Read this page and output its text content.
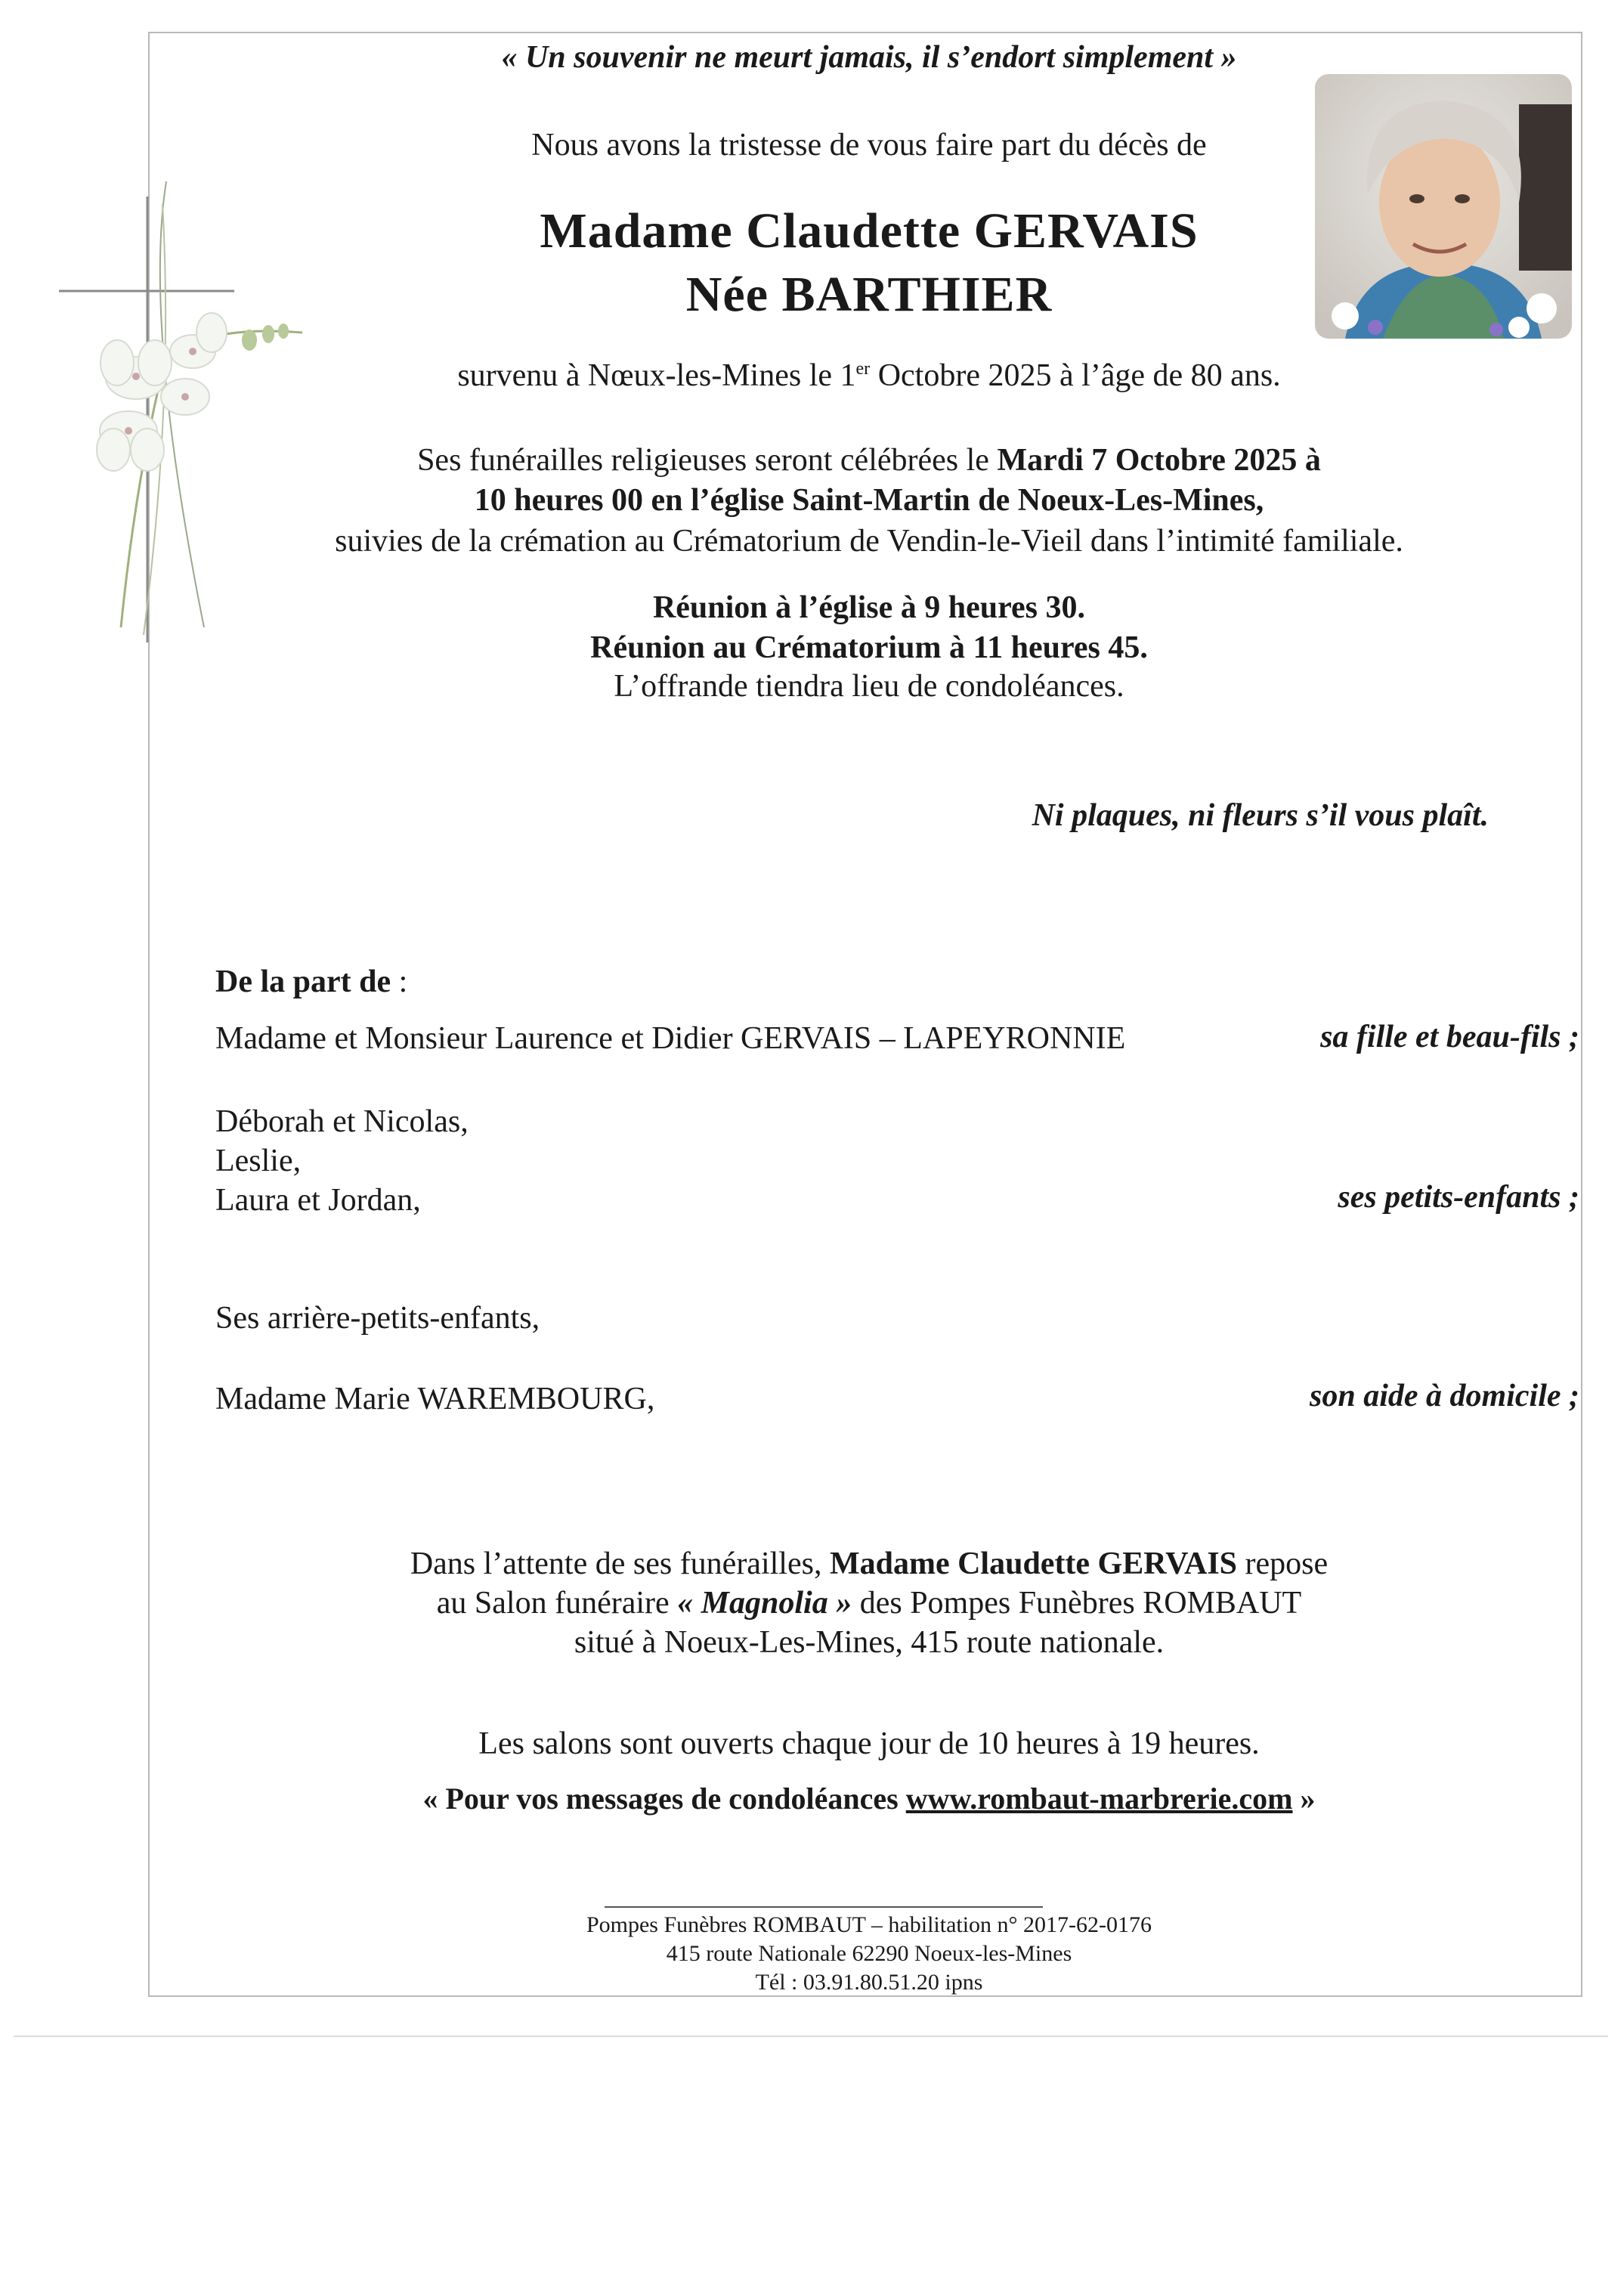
« Un souvenir ne meurt jamais, il s’endort simplement »
Nous avons la tristesse de vous faire part du décès de
Madame Claudette GERVAIS
Née BARTHIER
survenu à Nœux-les-Mines le 1er Octobre 2025 à l’âge de 80 ans.
Ses funérailles religieuses seront célébrées le Mardi 7 Octobre 2025 à
10 heures 00 en l’église Saint-Martin de Noeux-Les-Mines,
suivies de la crémation au Crématorium de Vendin-le-Vieil dans l’intimité familiale.
Réunion à l’église à 9 heures 30.
Réunion au Crématorium à 11 heures 45.
L’offrande tiendra lieu de condoléances.
Ni plaques, ni fleurs s’il vous plaît.
De la part de :
Madame et Monsieur Laurence et Didier GERVAIS – LAPEYRONNIE	sa fille et beau-fils ;
Déborah et Nicolas,
Leslie,
Laura et Jordan,	ses petits-enfants ;
Ses arrière-petits-enfants,
Madame Marie WAREMBOURG,	son aide à domicile ;
Dans l’attente de ses funérailles, Madame Claudette GERVAIS repose
au Salon funéraire « Magnolia » des Pompes Funèbres ROMBAUT
situé à Noeux-Les-Mines, 415 route nationale.
Les salons sont ouverts chaque jour de 10 heures à 19 heures.
« Pour vos messages de condoléances www.rombaut-marbrerie.com »
Pompes Funèbres ROMBAUT – habilitation n° 2017-62-0176
415 route Nationale 62290 Noeux-les-Mines
Tél : 03.91.80.51.20 ipns
